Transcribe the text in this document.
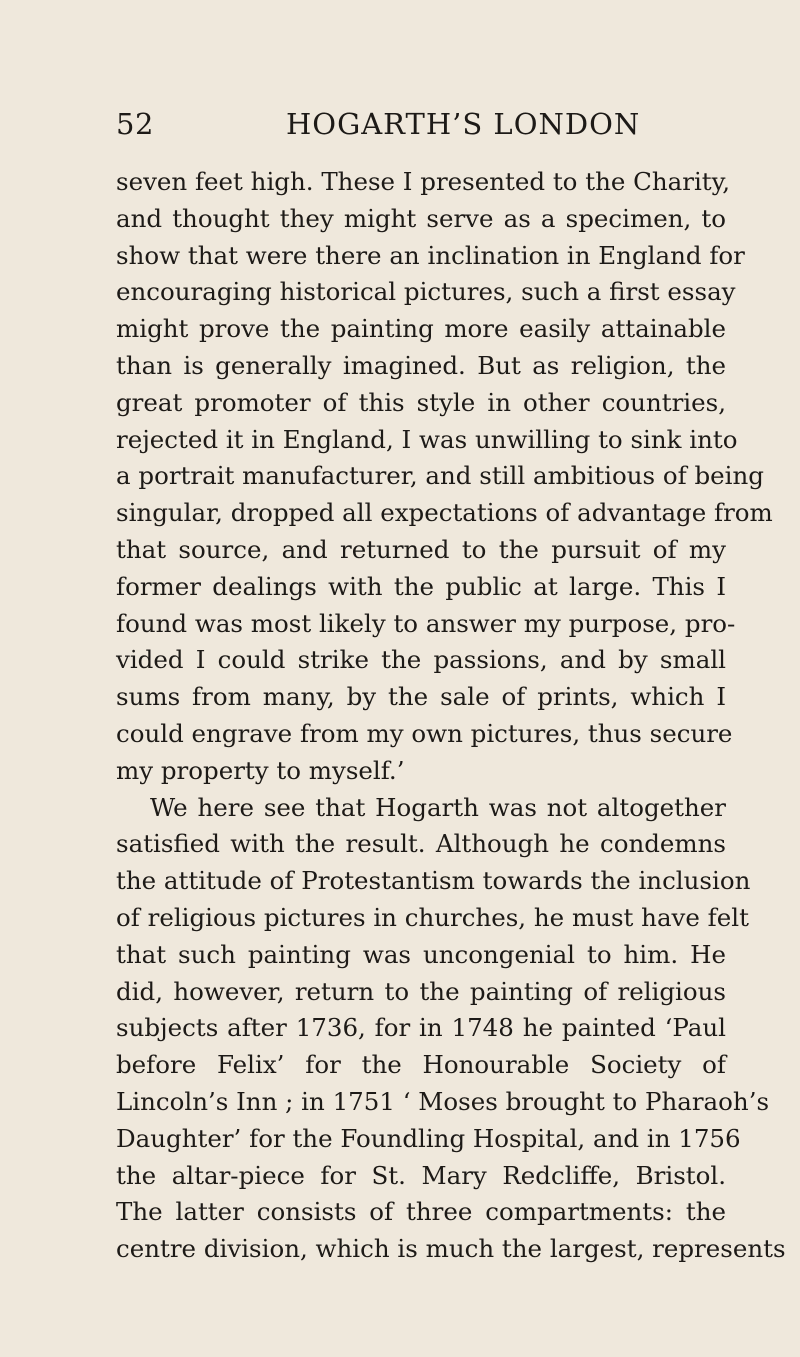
52	HOGARTH’S LONDON
seven feet high. These I presented to the Charity,
and thought they might serve as a specimen, to
show that were there an inclination in England for
encouraging historical pictures, such a first essay
might prove the painting more easily attainable
than is generally imagined. But as religion, the
great promoter of this style in other countries,
rejected it in England, I was unwilling to sink into
a portrait manufacturer, and still ambitious of being
singular, dropped all expectations of advantage from
that source, and returned to the pursuit of my
former dealings with the public at large. This I
found was most likely to answer my purpose, pro-
vided I could strike the passions, and by small
sums from many, by the sale of prints, which I
could engrave from my own pictures, thus secure
my property to myself.’
We here see that Hogarth was not altogether
satisfied with the result. Although he condemns
the attitude of Protestantism towards the inclusion
of religious pictures in churches, he must have felt
that such painting was uncongenial to him. He
did, however, return to the painting of religious
subjects after 1736, for in 1748 he painted ‘Paul
before Felix’ for the Honourable Society of
Lincoln’s Inn ; in 1751 ‘ Moses brought to Pharaoh’s
Daughter’ for the Foundling Hospital, and in 1756
the altar-piece for St. Mary Redcliffe, Bristol.
The latter consists of three compartments: the
centre division, which is much the largest, represents
